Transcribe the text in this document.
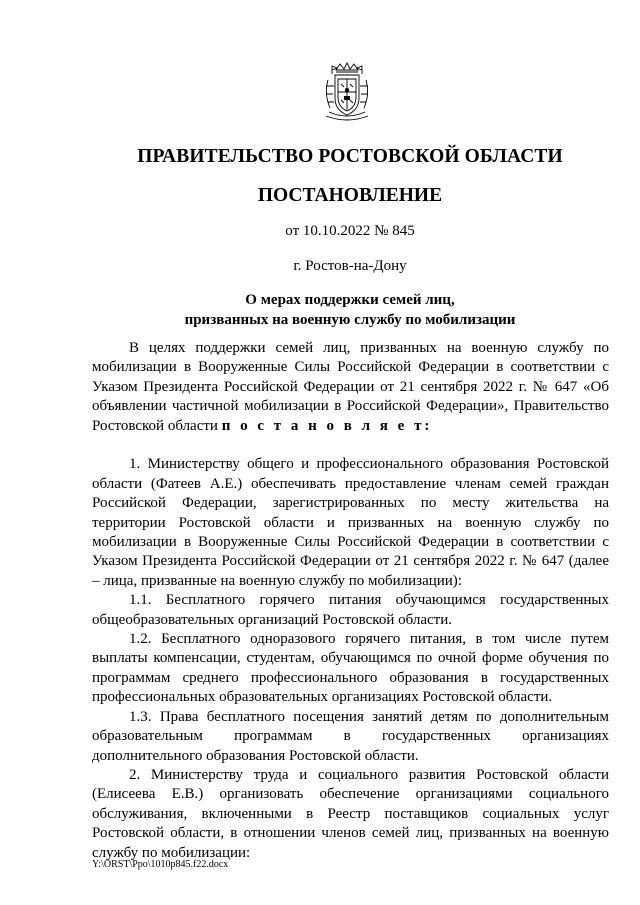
ПРАВИТЕЛЬСТВО РОСТОВСКОЙ ОБЛАСТИ
ПОСТАНОВЛЕНИЕ
от 10.10.2022 № 845
г. Ростов-на-Дону
О мерах поддержки семей лиц,
призванных на военную службу по мобилизации

В целях поддержки семей лиц, призванных на военную службу по мобилизации в Вооруженные Силы Российской Федерации в соответствии с Указом Президента Российской Федерации от 21 сентября 2022 г. № 647 «Об объявлении частичной мобилизации в Российской Федерации», Правительство Ростовской области п о с т а н о в л я е т:

1. Министерству общего и профессионального образования Ростовской области (Фатеев А.Е.) обеспечивать предоставление членам семей граждан Российской Федерации, зарегистрированных по месту жительства на территории Ростовской области и призванных на военную службу по мобилизации в Вооруженные Силы Российской Федерации в соответствии с Указом Президента Российской Федерации от 21 сентября 2022 г. № 647 (далее – лица, призванные на военную службу по мобилизации):

1.1. Бесплатного горячего питания обучающимся государственных общеобразовательных организаций Ростовской области.

1.2. Бесплатного одноразового горячего питания, в том числе путем выплаты компенсации, студентам, обучающимся по очной форме обучения по программам среднего профессионального образования в государственных профессиональных образовательных организациях Ростовской области.

1.3. Права бесплатного посещения занятий детям по дополнительным образовательным программам в государственных организациях дополнительного образования Ростовской области.

2. Министерству труда и социального развития Ростовской области (Елисеева Е.В.) организовать обеспечение организациями социального обслуживания, включенными в Реестр поставщиков социальных услуг Ростовской области, в отношении членов семей лиц, призванных на военную службу по мобилизации:

Y:\ORST\Ppo\1010p845.f22.docx
